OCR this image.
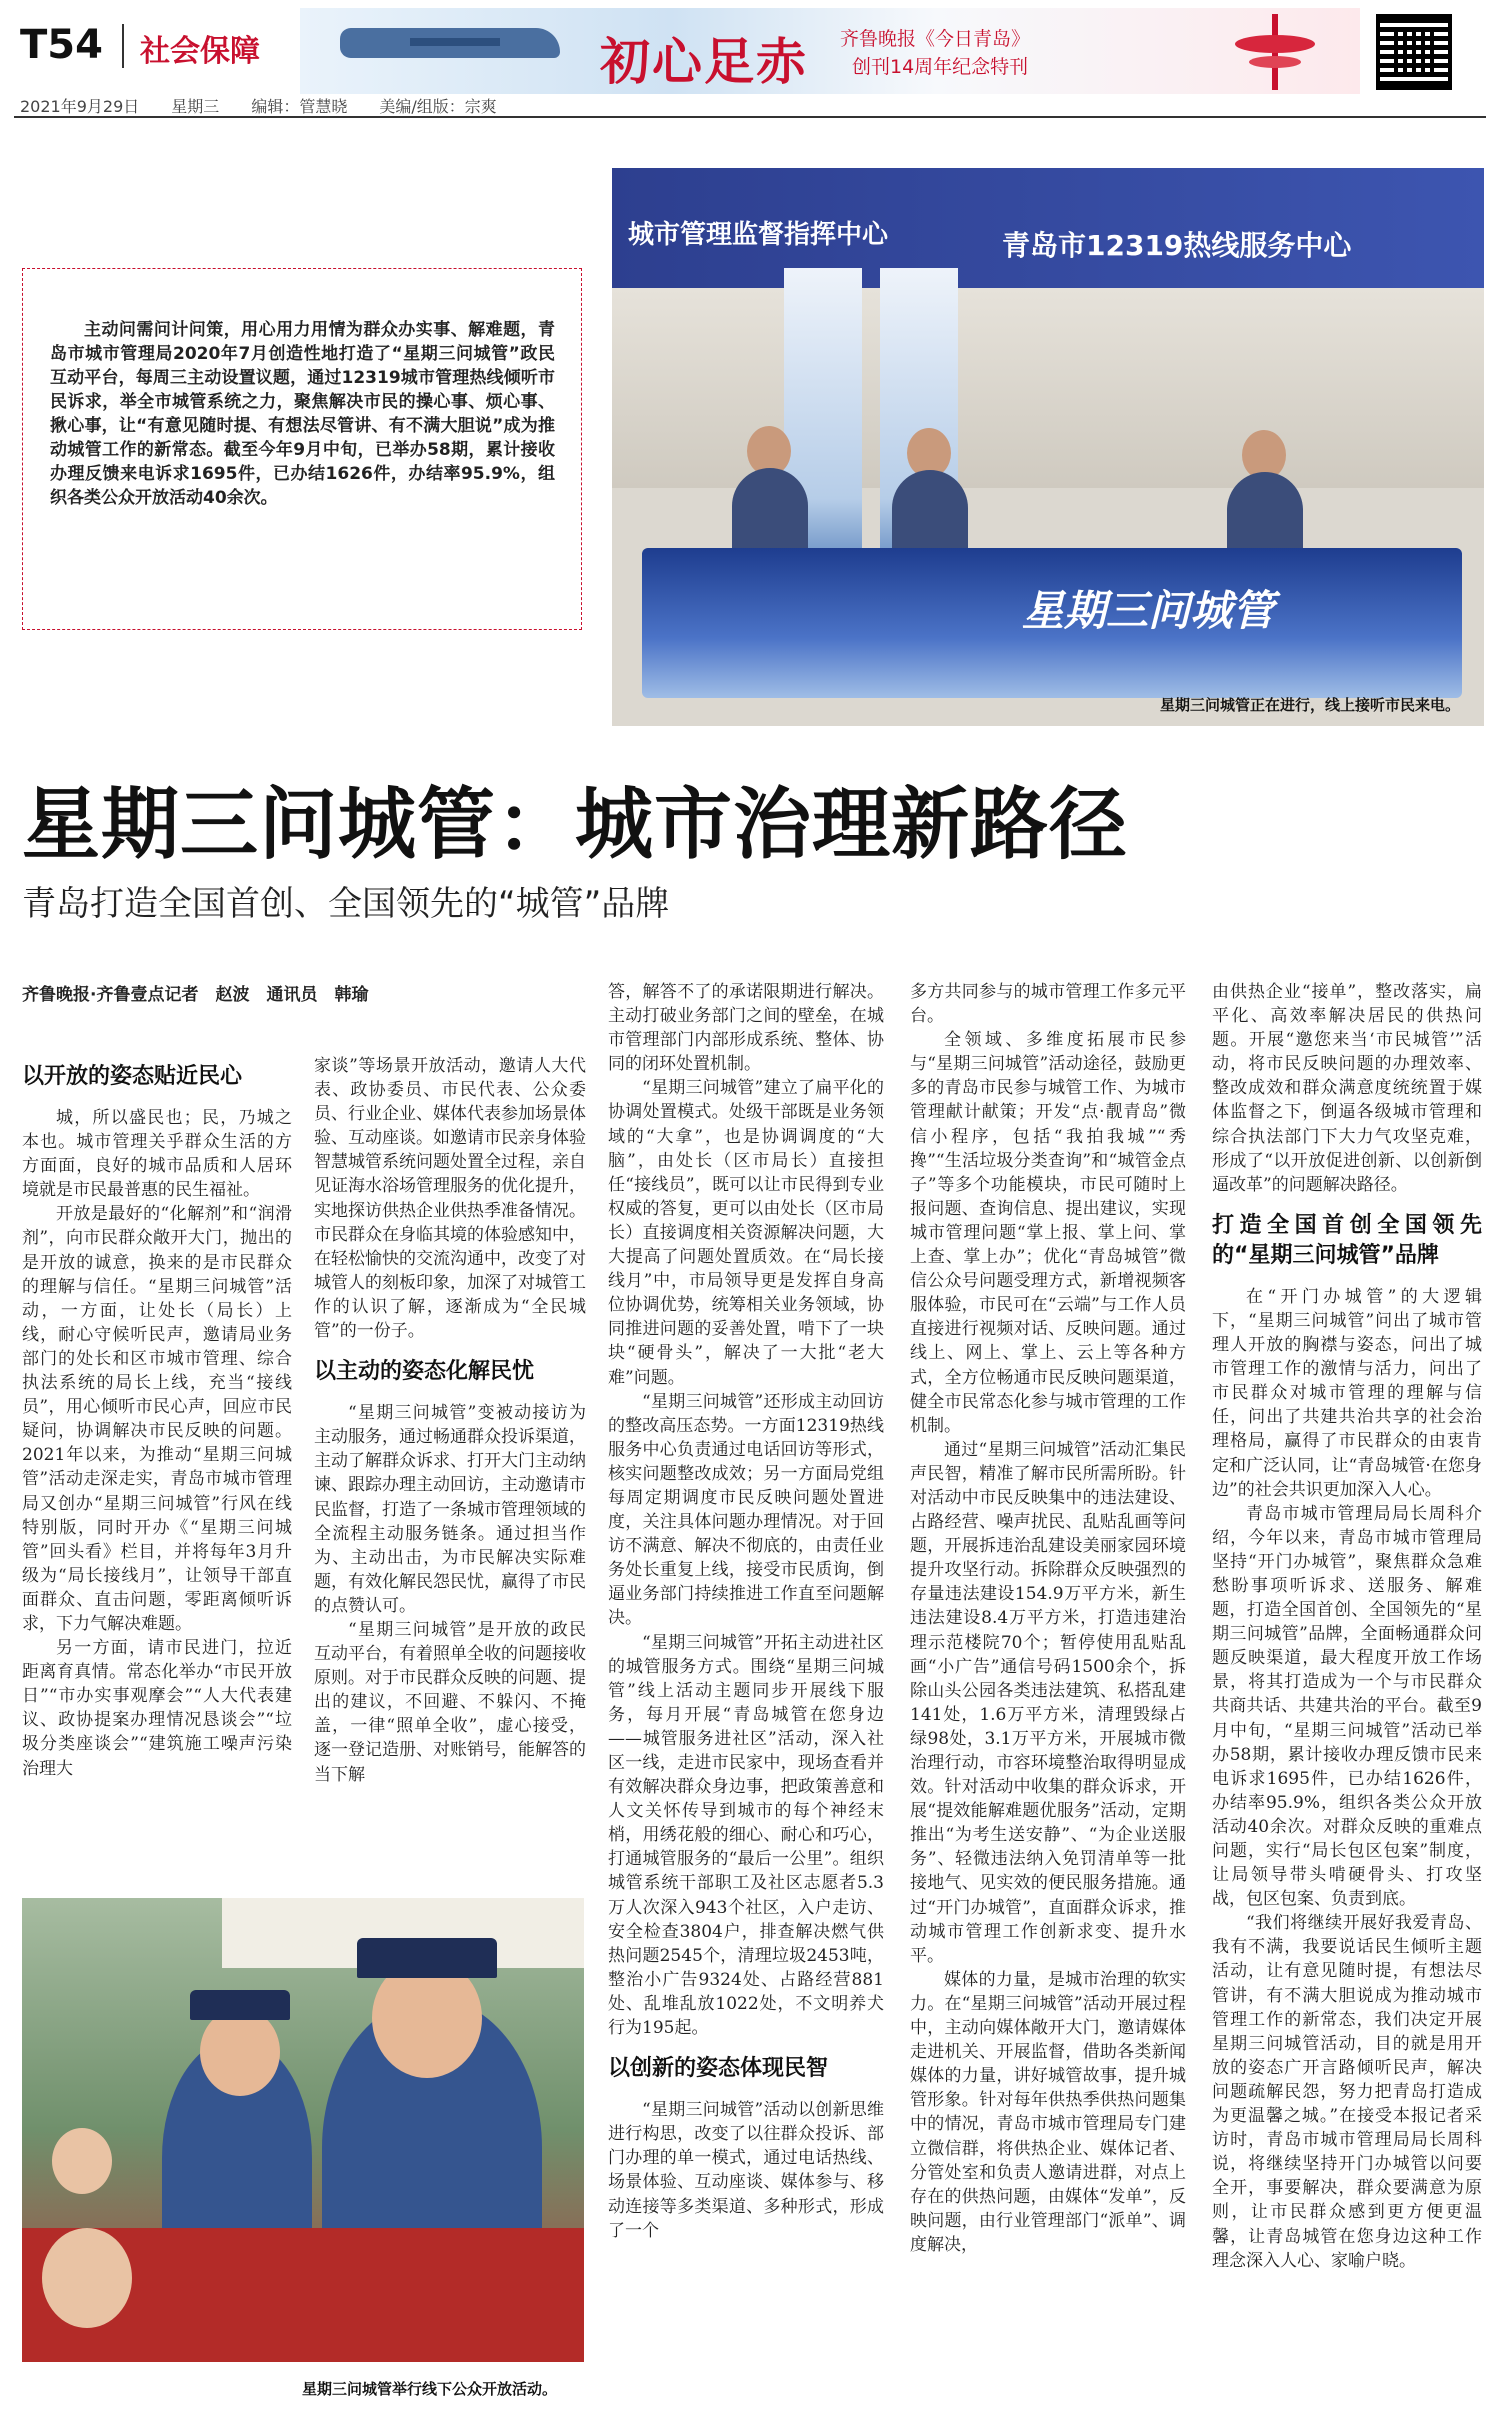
T54 社会保障	初心足赤 齐鲁晚报《今日青岛》
创刊14周年纪念特刊
2021年9月29日　　 星期三　　 编辑：管慧晓　　 美编/组版：宗爽
主动问需问计问策，用心用力用情为群众办实事、解难题，青岛市城市管理局2020年7月创造性地打造了“星期三问城管”政民互动平台，每周三主动设置议题，通过12319城市管理热线倾听市民诉求，举全市城管系统之力，聚焦解决市民的操心事、烦心事、揪心事，让“有意见随时提、有想法尽管讲、有不满大胆说”成为推动城管工作的新常态。截至今年9月中旬，已举办58期，累计接收办理反馈来电诉求1695件，已办结1626件，办结率95.9%，组织各类公众开放活动40余次。
城市管理监督指挥中心	青岛市12319热线服务中心
星期三问城管
星期三问城管正在进行，线上接听市民来电。
星期三问城管：城市治理新路径
青岛打造全国首创、全国领先的“城管”品牌
齐鲁晚报·齐鲁壹点记者　赵波　通讯员　韩瑜
以开放的姿态贴近民心

城，所以盛民也；民，乃城之本也。城市管理关乎群众生活的方方面面，良好的城市品质和人居环境就是市民最普惠的民生福祉。

开放是最好的“化解剂”和“润滑剂”，向市民群众敞开大门，抛出的是开放的诚意，换来的是市民群众的理解与信任。“星期三问城管”活动，一方面，让处长（局长）上线，耐心守候听民声，邀请局业务部门的处长和区市城市管理、综合执法系统的局长上线，充当“接线员”，用心倾听市民心声，回应市民疑问，协调解决市民反映的问题。2021年以来，为推动“星期三问城管”活动走深走实，青岛市城市管理局又创办“星期三问城管”行风在线特别版，同时开办《“星期三问城管”回头看》栏目，并将每年3月升级为“局长接线月”，让领导干部直面群众、直击问题，零距离倾听诉求，下力气解决难题。

另一方面，请市民进门，拉近距离育真情。常态化举办“市民开放日”“市办实事观摩会”“人大代表建议、政协提案办理情况恳谈会”“垃圾分类座谈会”“建筑施工噪声污染治理大

家谈”等场景开放活动，邀请人大代表、政协委员、市民代表、公众委员、行业企业、媒体代表参加场景体验、互动座谈。如邀请市民亲身体验智慧城管系统问题处置全过程，亲自见证海水浴场管理服务的优化提升，实地探访供热企业供热季准备情况。市民群众在身临其境的体验感知中，在轻松愉快的交流沟通中，改变了对城管人的刻板印象，加深了对城管工作的认识了解，逐渐成为“全民城管”的一份子。

以主动的姿态化解民忧

“星期三问城管”变被动接访为主动服务，通过畅通群众投诉渠道，主动了解群众诉求、打开大门主动纳谏、跟踪办理主动回访，主动邀请市民监督，打造了一条城市管理领域的全流程主动服务链条。通过担当作为、主动出击，为市民解决实际难题，有效化解民怨民忧，赢得了市民的点赞认可。

“星期三问城管”是开放的政民互动平台，有着照单全收的问题接收原则。对于市民群众反映的问题、提出的建议，不回避、不躲闪、不掩盖，一律“照单全收”，虚心接受，逐一登记造册、对账销号，能解答的当下解

答，解答不了的承诺限期进行解决。主动打破业务部门之间的壁垒，在城市管理部门内部形成系统、整体、协同的闭环处置机制。

“星期三问城管”建立了扁平化的协调处置模式。处级干部既是业务领域的“大拿”，也是协调调度的“大脑”，由处长（区市局长）直接担任“接线员”，既可以让市民得到专业权威的答复，更可以由处长（区市局长）直接调度相关资源解决问题，大大提高了问题处置质效。在“局长接线月”中，市局领导更是发挥自身高位协调优势，统筹相关业务领域，协同推进问题的妥善处置，啃下了一块块“硬骨头”，解决了一大批“老大难”问题。

“星期三问城管”还形成主动回访的整改高压态势。一方面12319热线服务中心负责通过电话回访等形式，核实问题整改成效；另一方面局党组每周定期调度市民反映问题处置进度，关注具体问题办理情况。对于回访不满意、解决不彻底的，由责任业务处长重复上线，接受市民质询，倒逼业务部门持续推进工作直至问题解决。

“星期三问城管”开拓主动进社区的城管服务方式。围绕“星期三问城管”线上活动主题同步开展线下服务，每月开展“青岛城管在您身边——城管服务进社区”活动，深入社区一线，走进市民家中，现场查看并有效解决群众身边事，把政策善意和人文关怀传导到城市的每个神经末梢，用绣花般的细心、耐心和巧心，打通城管服务的“最后一公里”。组织城管系统干部职工及社区志愿者5.3万人次深入943个社区，入户走访、安全检查3804户，排查解决燃气供热问题2545个，清理垃圾2453吨，整治小广告9324处、占路经营881处、乱堆乱放1022处，不文明养犬行为195起。

以创新的姿态体现民智

“星期三问城管”活动以创新思维进行构思，改变了以往群众投诉、部门办理的单一模式，通过电话热线、场景体验、互动座谈、媒体参与、移动连接等多类渠道、多种形式，形成了一个

多方共同参与的城市管理工作多元平台。

全领域、多维度拓展市民参与“星期三问城管”活动途径，鼓励更多的青岛市民参与城管工作、为城市管理献计献策；开发“点·靓青岛”微信小程序，包括“我拍我城”“秀搀”“生活垃圾分类查询”和“城管金点子”等多个功能模块，市民可随时上报问题、查询信息、提出建议，实现城市管理问题“掌上报、掌上问、掌上查、掌上办”；优化“青岛城管”微信公众号问题受理方式，新增视频客服体验，市民可在“云端”与工作人员直接进行视频对话、反映问题。通过线上、网上、掌上、云上等各种方式，全方位畅通市民反映问题渠道，健全市民常态化参与城市管理的工作机制。

通过“星期三问城管”活动汇集民声民智，精准了解市民所需所盼。针对活动中市民反映集中的违法建设、占路经营、噪声扰民、乱贴乱画等问题，开展拆违治乱建设美丽家园环境提升攻坚行动。拆除群众反映强烈的存量违法建设154.9万平方米，新生违法建设8.4万平方米，打造违建治理示范楼院70个；暂停使用乱贴乱画“小广告”通信号码1500余个，拆除山头公园各类违法建筑、私搭乱建141处，1.6万平方米，清理毁绿占绿98处，3.1万平方米，开展城市微治理行动，市容环境整治取得明显成效。针对活动中收集的群众诉求，开展“提效能解难题优服务”活动，定期推出“为考生送安静”、“为企业送服务”、轻微违法纳入免罚清单等一批接地气、见实效的便民服务措施。通过“开门办城管”，直面群众诉求，推动城市管理工作创新求变、提升水平。

媒体的力量，是城市治理的软实力。在“星期三问城管”活动开展过程中，主动向媒体敞开大门，邀请媒体走进机关、开展监督，借助各类新闻媒体的力量，讲好城管故事，提升城管形象。针对每年供热季供热问题集中的情况，青岛市城市管理局专门建立微信群，将供热企业、媒体记者、分管处室和负责人邀请进群，对点上存在的供热问题，由媒体“发单”，反映问题，由行业管理部门“派单”、调度解决，

由供热企业“接单”，整改落实，扁平化、高效率解决居民的供热问题。开展“邀您来当‘市民城管’”活动，将市民反映问题的办理效率、整改成效和群众满意度统统置于媒体监督之下，倒逼各级城市管理和综合执法部门下大力气攻坚克难，形成了“以开放促进创新、以创新倒逼改革”的问题解决路径。

打造全国首创全国领先的“星期三问城管”品牌

在“开门办城管”的大逻辑下，“星期三问城管”问出了城市管理人开放的胸襟与姿态，问出了城市管理工作的激情与活力，问出了市民群众对城市管理的理解与信任，问出了共建共治共享的社会治理格局，赢得了市民群众的由衷肯定和广泛认同，让“青岛城管·在您身边”的社会共识更加深入人心。

青岛市城市管理局局长周科介绍，今年以来，青岛市城市管理局坚持“开门办城管”，聚焦群众急难愁盼事项听诉求、送服务、解难题，打造全国首创、全国领先的“星期三问城管”品牌，全面畅通群众问题反映渠道，最大程度开放工作场景，将其打造成为一个与市民群众共商共话、共建共治的平台。截至9月中旬，“星期三问城管”活动已举办58期，累计接收办理反馈市民来电诉求1695件，已办结1626件，办结率95.9%，组织各类公众开放活动40余次。对群众反映的重难点问题，实行“局长包区包案”制度，让局领导带头啃硬骨头、打攻坚战，包区包案、负责到底。

“我们将继续开展好我爱青岛、我有不满，我要说话民生倾听主题活动，让有意见随时提，有想法尽管讲，有不满大胆说成为推动城市管理工作的新常态，我们决定开展星期三问城管活动，目的就是用开放的姿态广开言路倾听民声，解决问题疏解民怨，努力把青岛打造成为更温馨之城。”在接受本报记者采访时，青岛市城市管理局局长周科说，将继续坚持开门办城管以问要全开，事要解决，群众要满意为原则，让市民群众感到更方便更温馨，让青岛城管在您身边这种工作理念深入人心、家喻户晓。

星期三问城管举行线下公众开放活动。
